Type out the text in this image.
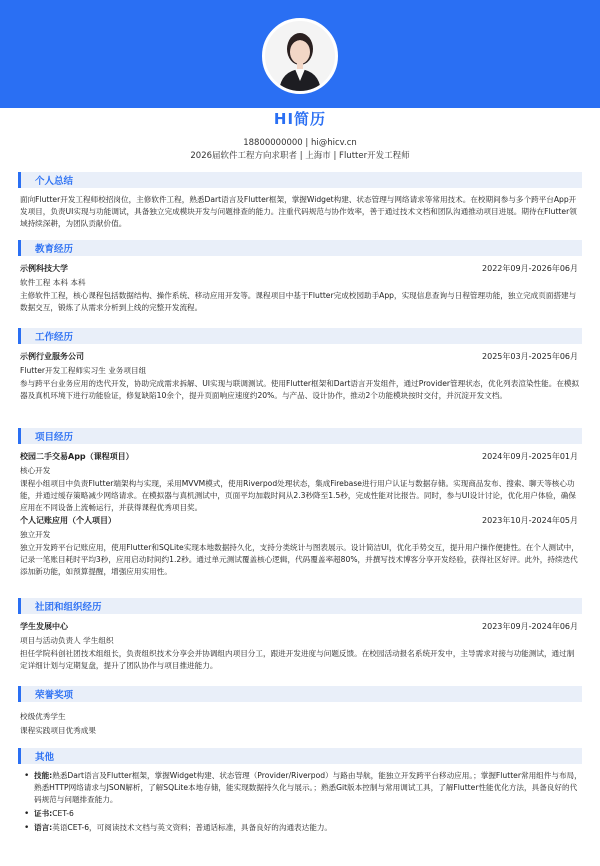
HI简历
18800000000 | hi@hicv.cn
2026届软件工程方向求职者 | 上海市 | Flutter开发工程师
个人总结
面向Flutter开发工程师校招岗位，主修软件工程，熟悉Dart语言及Flutter框架，掌握Widget构建、状态管理与网络请求等常用技术。在校期间参与多个跨平台App开发项目，负责UI实现与功能调试，具备独立完成模块开发与问题排查的能力。注重代码规范与协作效率，善于通过技术文档和团队沟通推动项目进展。期待在Flutter领域持续深耕，为团队贡献价值。
教育经历
示例科技大学	2022年09月-2026年06月
软件工程 本科 本科
主修软件工程，核心课程包括数据结构、操作系统、移动应用开发等。课程项目中基于Flutter完成校园助手App，实现信息查询与日程管理功能，独立完成页面搭建与数据交互，锻炼了从需求分析到上线的完整开发流程。
工作经历
示例行业服务公司	2025年03月-2025年06月
Flutter开发工程师实习生 业务项目组
参与跨平台业务应用的迭代开发，协助完成需求拆解、UI实现与联调测试。使用Flutter框架和Dart语言开发组件，通过Provider管理状态，优化列表渲染性能。在模拟器及真机环境下进行功能验证，修复缺陷10余个，提升页面响应速度约20%。与产品、设计协作，推动2个功能模块按时交付，并沉淀开发文档。
项目经历
校园二手交易App（课程项目）	2024年09月-2025年01月
核心开发
课程小组项目中负责Flutter端架构与实现，采用MVVM模式，使用Riverpod处理状态，集成Firebase进行用户认证与数据存储。实现商品发布、搜索、聊天等核心功能，并通过缓存策略减少网络请求。在模拟器与真机测试中，页面平均加载时间从2.3秒降至1.5秒，完成性能对比报告。同时，参与UI设计讨论，优化用户体验，确保应用在不同设备上流畅运行，并获得课程优秀项目奖。
个人记账应用（个人项目）	2023年10月-2024年05月
独立开发
独立开发跨平台记账应用，使用Flutter和SQLite实现本地数据持久化，支持分类统计与图表展示。设计简洁UI，优化手势交互，提升用户操作便捷性。在个人测试中，记录一笔账目耗时平均3秒，应用启动时间约1.2秒。通过单元测试覆盖核心逻辑，代码覆盖率超80%，并撰写技术博客分享开发经验，获得社区好评。此外，持续迭代添加新功能，如预算提醒，增强应用实用性。
社团和组织经历
学生发展中心	2023年09月-2024年06月
项目与活动负责人 学生组织
担任学院科创社团技术组组长，负责组织技术分享会并协调组内项目分工，跟进开发进度与问题反馈。在校园活动报名系统开发中，主导需求对接与功能测试，通过制定详细计划与定期复盘，提升了团队协作与项目推进能力。
荣誉奖项
校级优秀学生
课程实践项目优秀成果
其他
• 技能:熟悉Dart语言及Flutter框架，掌握Widget构建、状态管理（Provider/Riverpod）与路由导航，能独立开发跨平台移动应用。；掌握Flutter常用组件与布局，熟悉HTTP网络请求与JSON解析，了解SQLite本地存储，能实现数据持久化与展示。；熟悉Git版本控制与常用调试工具，了解Flutter性能优化方法，具备良好的代码规范与问题排查能力。
• 证书:CET-6
• 语言:英语CET-6，可阅读技术文档与英文资料；普通话标准，具备良好的沟通表达能力。
